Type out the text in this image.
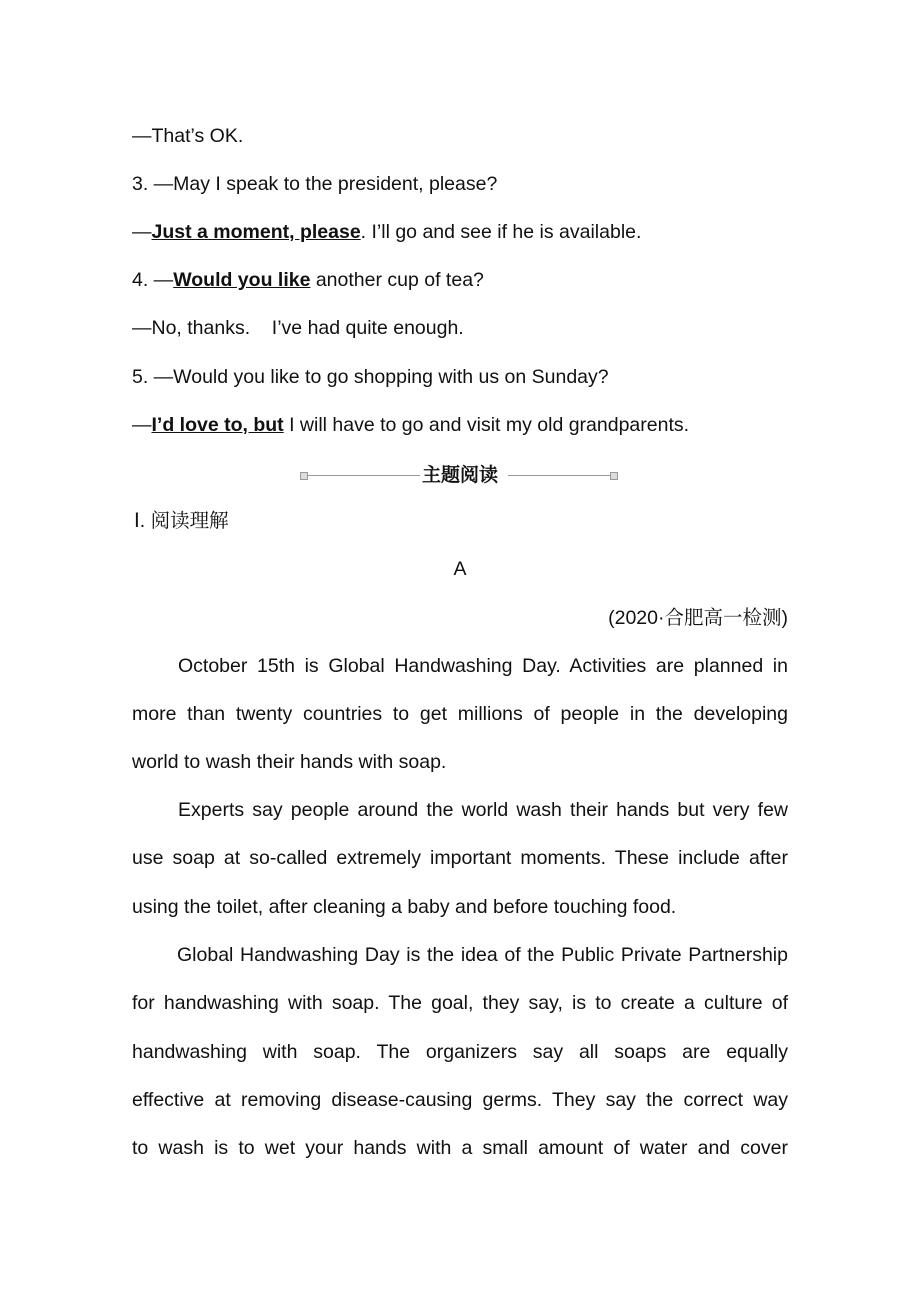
—That’s OK.
3. —May I speak to the president, please?
—Just a moment, please. I’ll go and see if he is available.
4. —Would you like another cup of tea?
—No, thanks.    I’ve had quite enough.
5. —Would you like to go shopping with us on Sunday?
—I’d love to, but I will have to go and visit my old grandparents.
主题阅读
Ⅰ. 阅读理解
A
(2020·合肥高一检测)
October 15th is Global Handwashing Day. Activities are planned in
more than twenty countries to get millions of people in the developing
world to wash their hands with soap.
Experts say people around the world wash their hands but very few
use soap at so-called extremely important moments. These include after
using the toilet, after cleaning a baby and before touching food.
Global Handwashing Day is the idea of the Public Private Partnership
for handwashing with soap. The goal, they say, is to create a culture of
handwashing with soap. The organizers say all soaps are equally
effective at removing disease-causing germs. They say the correct way
to wash is to wet your hands with a small amount of water and cover
